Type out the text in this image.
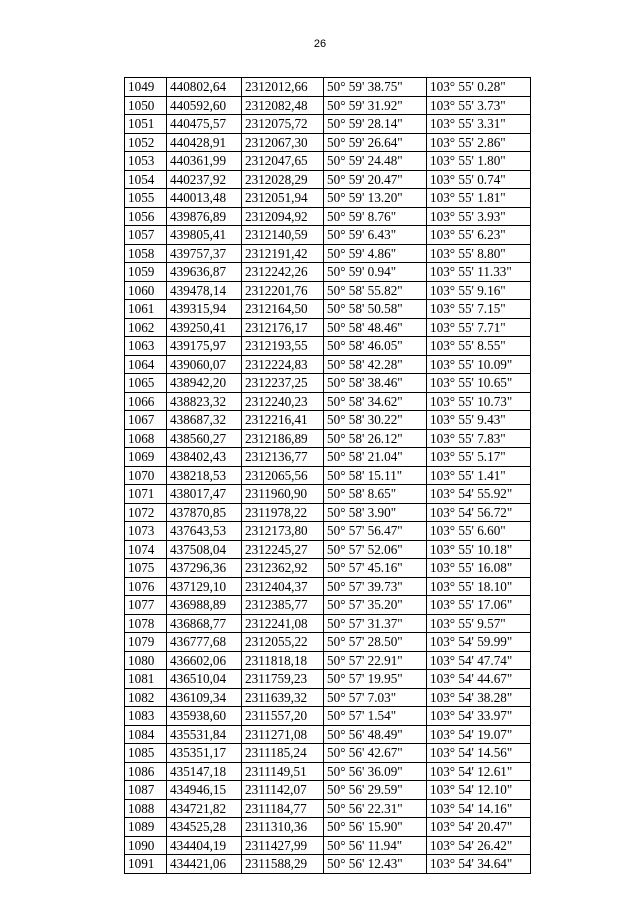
26
1049	440802,64	2312012,66	50° 59' 38.75"	103° 55' 0.28"
1050	440592,60	2312082,48	50° 59' 31.92"	103° 55' 3.73"
1051	440475,57	2312075,72	50° 59' 28.14"	103° 55' 3.31"
1052	440428,91	2312067,30	50° 59' 26.64"	103° 55' 2.86"
1053	440361,99	2312047,65	50° 59' 24.48"	103° 55' 1.80"
1054	440237,92	2312028,29	50° 59' 20.47"	103° 55' 0.74"
1055	440013,48	2312051,94	50° 59' 13.20"	103° 55' 1.81"
1056	439876,89	2312094,92	50° 59' 8.76"	103° 55' 3.93"
1057	439805,41	2312140,59	50° 59' 6.43"	103° 55' 6.23"
1058	439757,37	2312191,42	50° 59' 4.86"	103° 55' 8.80"
1059	439636,87	2312242,26	50° 59' 0.94"	103° 55' 11.33"
1060	439478,14	2312201,76	50° 58' 55.82"	103° 55' 9.16"
1061	439315,94	2312164,50	50° 58' 50.58"	103° 55' 7.15"
1062	439250,41	2312176,17	50° 58' 48.46"	103° 55' 7.71"
1063	439175,97	2312193,55	50° 58' 46.05"	103° 55' 8.55"
1064	439060,07	2312224,83	50° 58' 42.28"	103° 55' 10.09"
1065	438942,20	2312237,25	50° 58' 38.46"	103° 55' 10.65"
1066	438823,32	2312240,23	50° 58' 34.62"	103° 55' 10.73"
1067	438687,32	2312216,41	50° 58' 30.22"	103° 55' 9.43"
1068	438560,27	2312186,89	50° 58' 26.12"	103° 55' 7.83"
1069	438402,43	2312136,77	50° 58' 21.04"	103° 55' 5.17"
1070	438218,53	2312065,56	50° 58' 15.11"	103° 55' 1.41"
1071	438017,47	2311960,90	50° 58' 8.65"	103° 54' 55.92"
1072	437870,85	2311978,22	50° 58' 3.90"	103° 54' 56.72"
1073	437643,53	2312173,80	50° 57' 56.47"	103° 55' 6.60"
1074	437508,04	2312245,27	50° 57' 52.06"	103° 55' 10.18"
1075	437296,36	2312362,92	50° 57' 45.16"	103° 55' 16.08"
1076	437129,10	2312404,37	50° 57' 39.73"	103° 55' 18.10"
1077	436988,89	2312385,77	50° 57' 35.20"	103° 55' 17.06"
1078	436868,77	2312241,08	50° 57' 31.37"	103° 55' 9.57"
1079	436777,68	2312055,22	50° 57' 28.50"	103° 54' 59.99"
1080	436602,06	2311818,18	50° 57' 22.91"	103° 54' 47.74"
1081	436510,04	2311759,23	50° 57' 19.95"	103° 54' 44.67"
1082	436109,34	2311639,32	50° 57' 7.03"	103° 54' 38.28"
1083	435938,60	2311557,20	50° 57' 1.54"	103° 54' 33.97"
1084	435531,84	2311271,08	50° 56' 48.49"	103° 54' 19.07"
1085	435351,17	2311185,24	50° 56' 42.67"	103° 54' 14.56"
1086	435147,18	2311149,51	50° 56' 36.09"	103° 54' 12.61"
1087	434946,15	2311142,07	50° 56' 29.59"	103° 54' 12.10"
1088	434721,82	2311184,77	50° 56' 22.31"	103° 54' 14.16"
1089	434525,28	2311310,36	50° 56' 15.90"	103° 54' 20.47"
1090	434404,19	2311427,99	50° 56' 11.94"	103° 54' 26.42"
1091	434421,06	2311588,29	50° 56' 12.43"	103° 54' 34.64"
